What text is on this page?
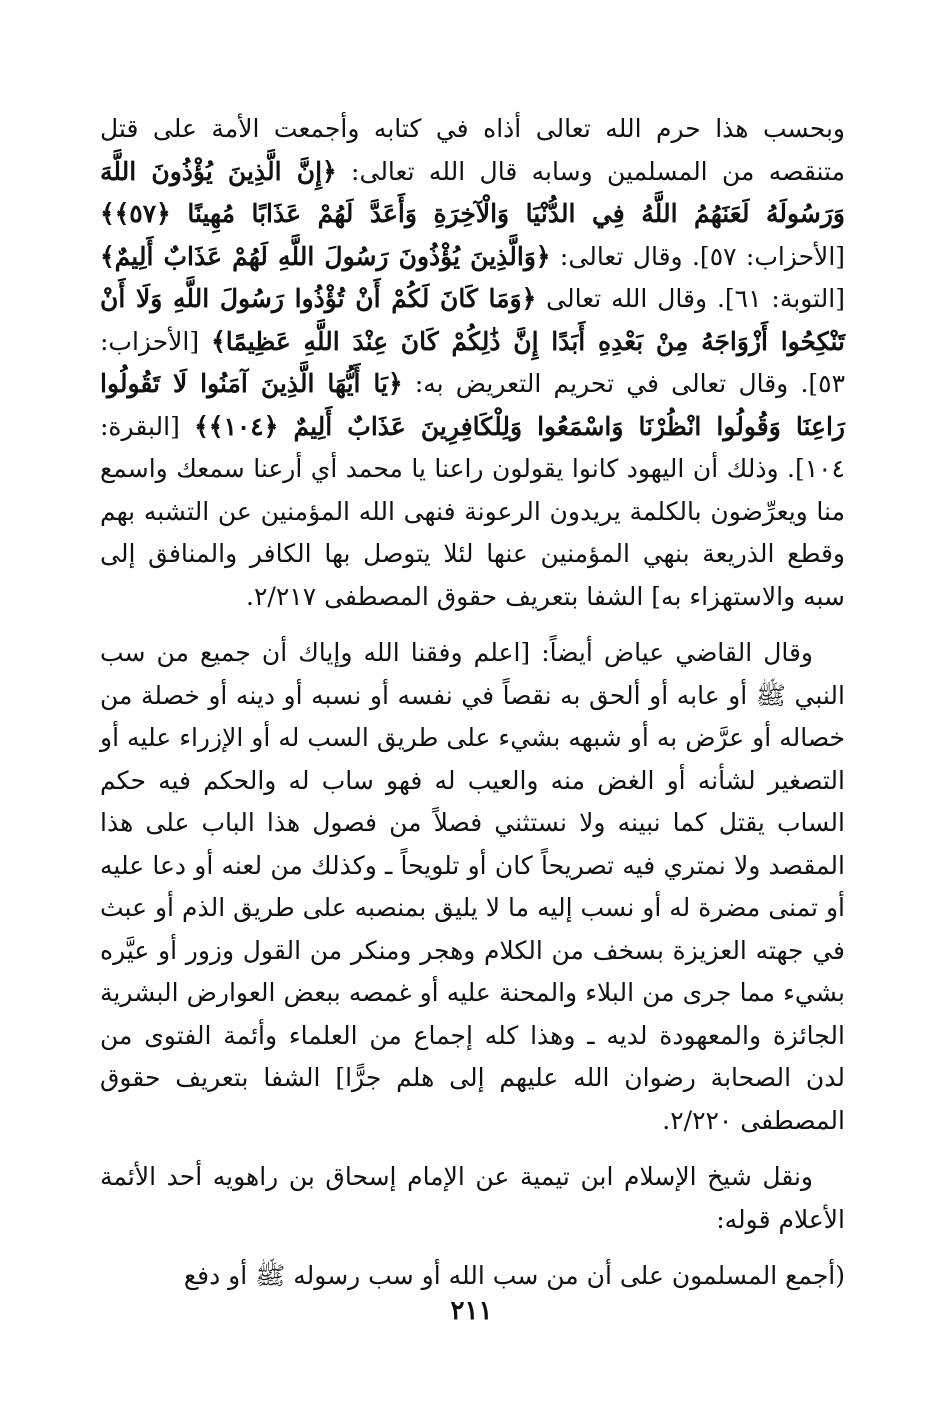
وبحسب هذا حرم الله تعالى أذاه في كتابه وأجمعت الأمة على قتل متنقصه من المسلمين وسابه قال الله تعالى: ﴿إِنَّ الَّذِينَ يُؤْذُونَ اللَّهَ وَرَسُولَهُ لَعَنَهُمُ اللَّهُ فِي الدُّنْيَا وَالْآخِرَةِ وَأَعَدَّ لَهُمْ عَذَابًا مُهِينًا ﴿٥٧﴾﴾ [الأحزاب: ٥٧]. وقال تعالى: ﴿وَالَّذِينَ يُؤْذُونَ رَسُولَ اللَّهِ لَهُمْ عَذَابٌ أَلِيمٌ﴾ [التوبة: ٦١]. وقال الله تعالى ﴿وَمَا كَانَ لَكُمْ أَنْ تُؤْذُوا رَسُولَ اللَّهِ وَلَا أَنْ تَنْكِحُوا أَزْوَاجَهُ مِنْ بَعْدِهِ أَبَدًا إِنَّ ذَٰلِكُمْ كَانَ عِنْدَ اللَّهِ عَظِيمًا﴾ [الأحزاب: ٥٣]. وقال تعالى في تحريم التعريض به: ﴿يَا أَيُّهَا الَّذِينَ آمَنُوا لَا تَقُولُوا رَاعِنَا وَقُولُوا انْظُرْنَا وَاسْمَعُوا وَلِلْكَافِرِينَ عَذَابٌ أَلِيمٌ ﴿١٠٤﴾﴾ [البقرة: ١٠٤]. وذلك أن اليهود كانوا يقولون راعنا يا محمد أي أرعنا سمعك واسمع منا ويعرِّضون بالكلمة يريدون الرعونة فنهى الله المؤمنين عن التشبه بهم وقطع الذريعة بنهي المؤمنين عنها لئلا يتوصل بها الكافر والمنافق إلى سبه والاستهزاء به] الشفا بتعريف حقوق المصطفى ٢/٢١٧.

وقال القاضي عياض أيضاً: [اعلم وفقنا الله وإياك أن جميع من سب النبي ﷺ أو عابه أو ألحق به نقصاً في نفسه أو نسبه أو دينه أو خصلة من خصاله أو عرَّض به أو شبهه بشيء على طريق السب له أو الإزراء عليه أو التصغير لشأنه أو الغض منه والعيب له فهو ساب له والحكم فيه حكم الساب يقتل كما نبينه ولا نستثني فصلاً من فصول هذا الباب على هذا المقصد ولا نمتري فيه تصريحاً كان أو تلويحاً ـ وكذلك من لعنه أو دعا عليه أو تمنى مضرة له أو نسب إليه ما لا يليق بمنصبه على طريق الذم أو عبث في جهته العزيزة بسخف من الكلام وهجر ومنكر من القول وزور أو عيَّره بشيء مما جرى من البلاء والمحنة عليه أو غمصه ببعض العوارض البشرية الجائزة والمعهودة لديه ـ وهذا كله إجماع من العلماء وأئمة الفتوى من لدن الصحابة رضوان الله عليهم إلى هلم جرًّا] الشفا بتعريف حقوق المصطفى ٢/٢٢٠.

ونقل شيخ الإسلام ابن تيمية عن الإمام إسحاق بن راهويه أحد الأئمة الأعلام قوله:

(أجمع المسلمون على أن من سب الله أو سب رسوله ﷺ أو دفع

٢١١
